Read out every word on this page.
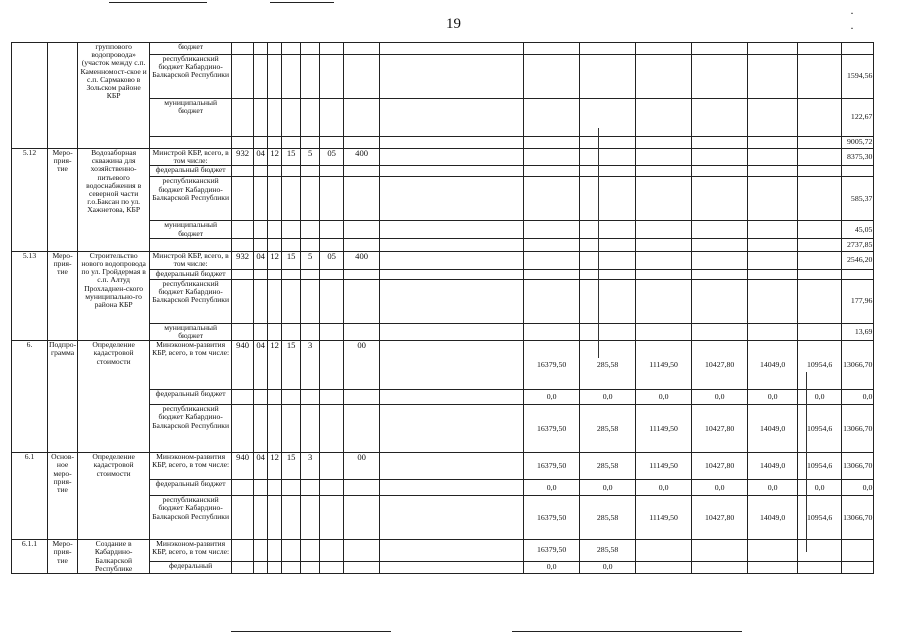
19
· ·
		группового водопровода» (участок между с.п. Каменномост-ское и с.п. Сармаково в Зольском районе КБР	бюджет															
			республиканский бюджет Кабардино-Балкарской Республики															1594,56
			муниципальный бюджет															122,67
																		9005,72
5.12	Меро-прия-тие	Водозаборная скважина для хозяйственно-питьевого водоснабжения в северной части г.о.Баксан по ул. Хажнетова, КБР	Минстрой КБР, всего, в том числе:	932	04	12	15	5	05	400								8375,30
			федеральный бюджет															
			республиканский бюджет Кабардино-Балкарской Республики															585,37
			муниципальный бюджет															45,05
																		2737,85
5.13	Меро-прия-тие	Строительство нового водопровода по ул. Гройдермая в с.п. Алтуд Прохладнен-ского муниципально-го района КБР	Минстрой КБР, всего, в том числе:	932	04	12	15	5	05	400								2546,20
			федеральный бюджет															
			республиканский бюджет Кабардино-Балкарской Республики															177,96
			муниципальный бюджет															13,69
6.	Подпро-грамма	Определение кадастровой стоимости	Минэконом-развития КБР, всего, в том числе:	940	04	12	15	3		00		16379,50	285,58	11149,50	10427,80	14049,0	10954,6	13066,70
			федеральный бюджет									0,0	0,0	0,0	0,0	0,0	0,0	0,0
			республиканский бюджет Кабардино-Балкарской Республики									16379,50	285,58	11149,50	10427,80	14049,0	10954,6	13066,70
6.1	Основ-ное меро-прия-тие	Определение кадастровой стоимости	Минэконом-развития КБР, всего, в том числе:	940	04	12	15	3		00		16379,50	285,58	11149,50	10427,80	14049,0	10954,6	13066,70
			федеральный бюджет									0,0	0,0	0,0	0,0	0,0	0,0	0,0
			республиканский бюджет Кабардино-Балкарской Республики									16379,50	285,58	11149,50	10427,80	14049,0	10954,6	13066,70
6.1.1	Меро-прия-тие	Создание в Кабардино-Балкарской Республике	Минэконом-развития КБР, всего, в том числе:									16379,50	285,58					
			федеральный									0,0	0,0					
